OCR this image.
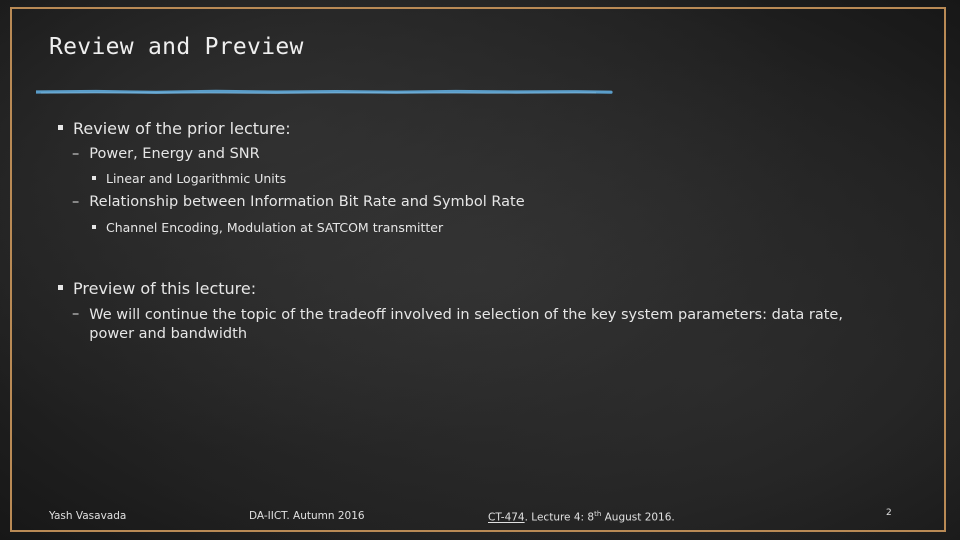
Review and Preview
Review of the prior lecture:
– Power, Energy and SNR
Linear and Logarithmic Units
– Relationship between Information Bit Rate and Symbol Rate
Channel Encoding, Modulation at SATCOM transmitter
Preview of this lecture:
– We will continue the topic of the tradeoff involved in selection of the key system parameters: data rate, power and bandwidth
Yash Vasavada	DA-IICT. Autumn 2016	CT-474. Lecture 4: 8th August 2016.	2
